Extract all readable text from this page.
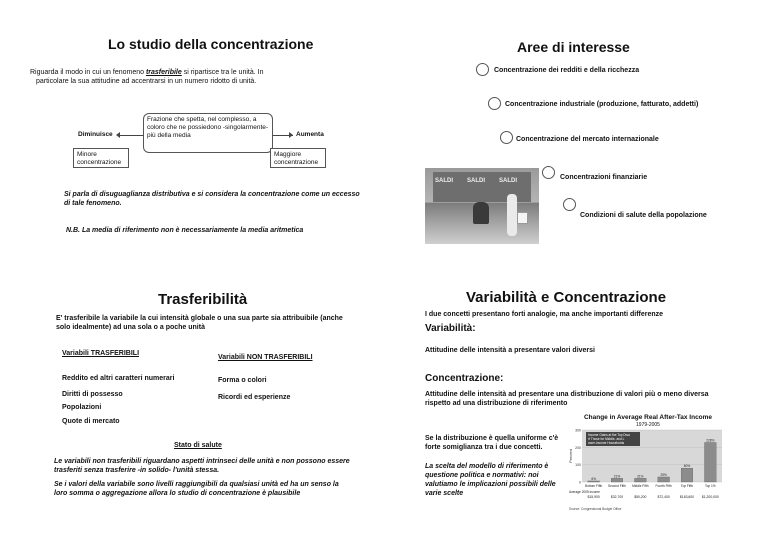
Lo studio della concentrazione
Riguarda il modo in cui un fenomeno trasferibile si ripartisce tra le unità. In
particolare la sua attitudine ad accentrarsi in un numero ridotto di unità.
Diminuisce
Frazione che spetta, nel complesso, a coloro che ne possiedono -singolarmente- più della media	Aumenta
Minore concentrazione
Maggiore concentrazione
Si parla di disuguaglianza distributiva e si considera la concentrazione come un eccesso di tale fenomeno.
N.B. La media di riferimento non è necessariamente la media aritmetica
Aree di interesse
Concentrazione dei redditi e della ricchezza
Concentrazione industriale (produzione, fatturato, addetti)
Concentrazione del mercato internazionale
Concentrazioni finanziarie
Condizioni di salute della popolazione
SALDI SALDI SALDI
Trasferibilità
E' trasferibile la variabile la cui intensità globale o una sua parte sia attribuibile (anche solo idealmente) ad una sola o a poche unità
Variabili TRASFERIBILI
Variabili NON TRASFERIBILI
Reddito ed altri caratteri numerari
Diritti di possesso
Popolazioni
Quote di mercato
Forma o colori
Ricordi ed esperienze
Stato di salute
Le variabili non trasferibili riguardano aspetti intrinseci delle unità e non possono essere trasferiti senza trasferire -in solido- l'unità stessa.
Se i valori della variabile sono livelli raggiungibili da qualsiasi unità ed ha un senso la loro somma o aggregazione allora lo studio di concentrazione è plausibile
Variabilità e Concentrazione
I due concetti presentano forti analogie, ma anche importanti differenze
Variabilità:
Attitudine delle intensità a presentare valori diversi
Concentrazione:
Attitudine delle intensità ad presentare una distribuzione di valori più o meno diversa rispetto ad una distribuzione di riferimento
Se la distribuzione è quella uniforme c'è forte somiglianza tra i due concetti.
La scelta del modello di riferimento è questione politica e normativi: noi valutiamo le implicazioni possibili delle varie scelte
Change in Average Real After-Tax Income
1979-2005
0
100
200
300
Percent
Income Gains at the Top Dwa
rf Those for Middle- and L
ower-Income Households
6%
Bottom Fifth
$15,900
21%
Second Fifth
$32,700
21%
Middle Fifth
$50,200
29%
Fourth Fifth
$72,400
80%
Top Fifth
$163,600
228%
Top 1%
$1,200,000
Average 2005 income
Source: Congressional Budget Office
